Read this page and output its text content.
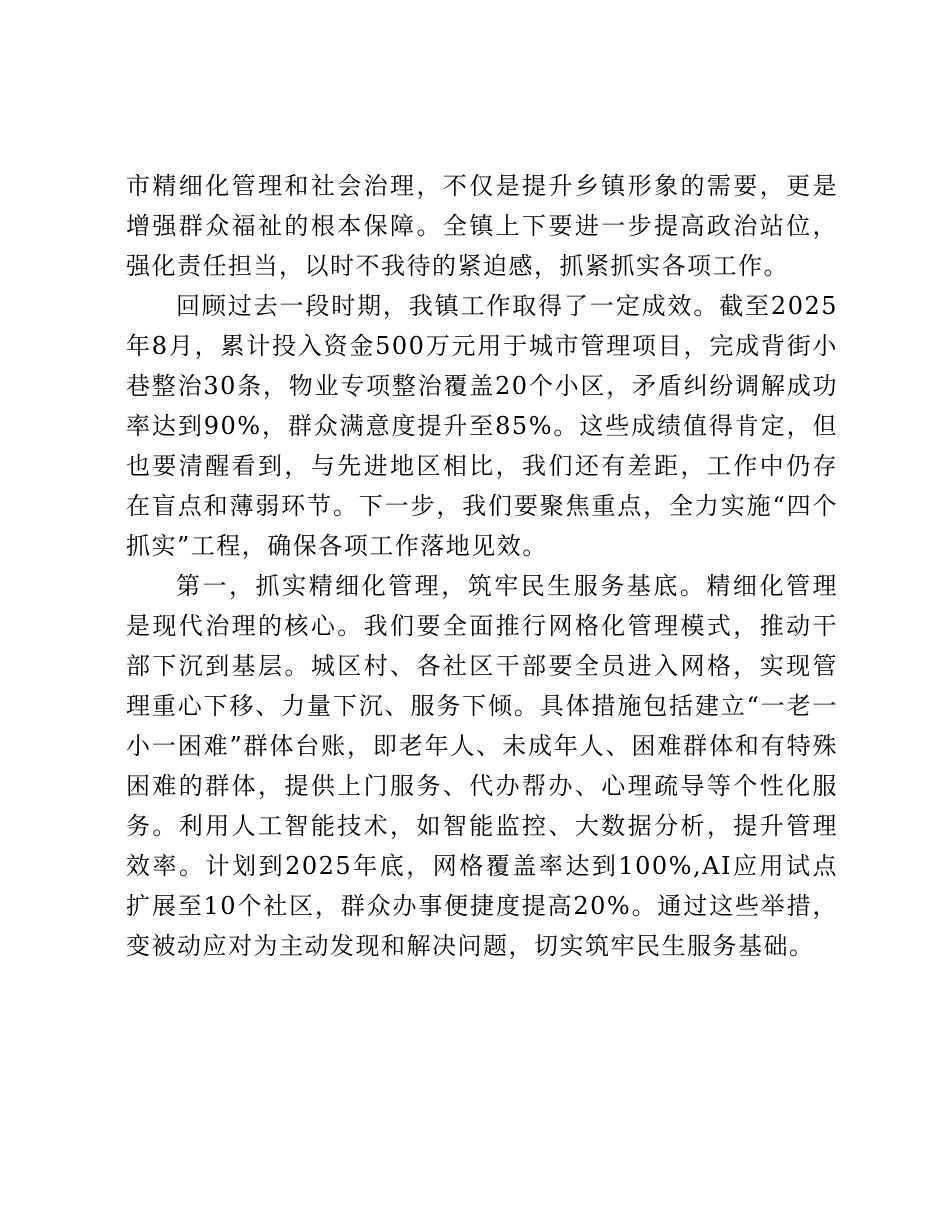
市精细化管理和社会治理，不仅是提升乡镇形象的需要，更是增强群众福祉的根本保障。全镇上下要进一步提高政治站位，强化责任担当，以时不我待的紧迫感，抓紧抓实各项工作。

回顾过去一段时期，我镇工作取得了一定成效。截至2025年8月，累计投入资金500万元用于城市管理项目，完成背街小巷整治30条，物业专项整治覆盖20个小区，矛盾纠纷调解成功率达到90%，群众满意度提升至85%。这些成绩值得肯定，但也要清醒看到，与先进地区相比，我们还有差距，工作中仍存在盲点和薄弱环节。下一步，我们要聚焦重点，全力实施“四个抓实”工程，确保各项工作落地见效。

第一，抓实精细化管理，筑牢民生服务基底。精细化管理是现代治理的核心。我们要全面推行网格化管理模式，推动干部下沉到基层。城区村、各社区干部要全员进入网格，实现管理重心下移、力量下沉、服务下倾。具体措施包括建立“一老一小一困难”群体台账，即老年人、未成年人、困难群体和有特殊困难的群体，提供上门服务、代办帮办、心理疏导等个性化服务。利用人工智能技术，如智能监控、大数据分析，提升管理效率。计划到2025年底，网格覆盖率达到100%,AI应用试点扩展至10个社区，群众办事便捷度提高20%。通过这些举措，变被动应对为主动发现和解决问题，切实筑牢民生服务基础。
